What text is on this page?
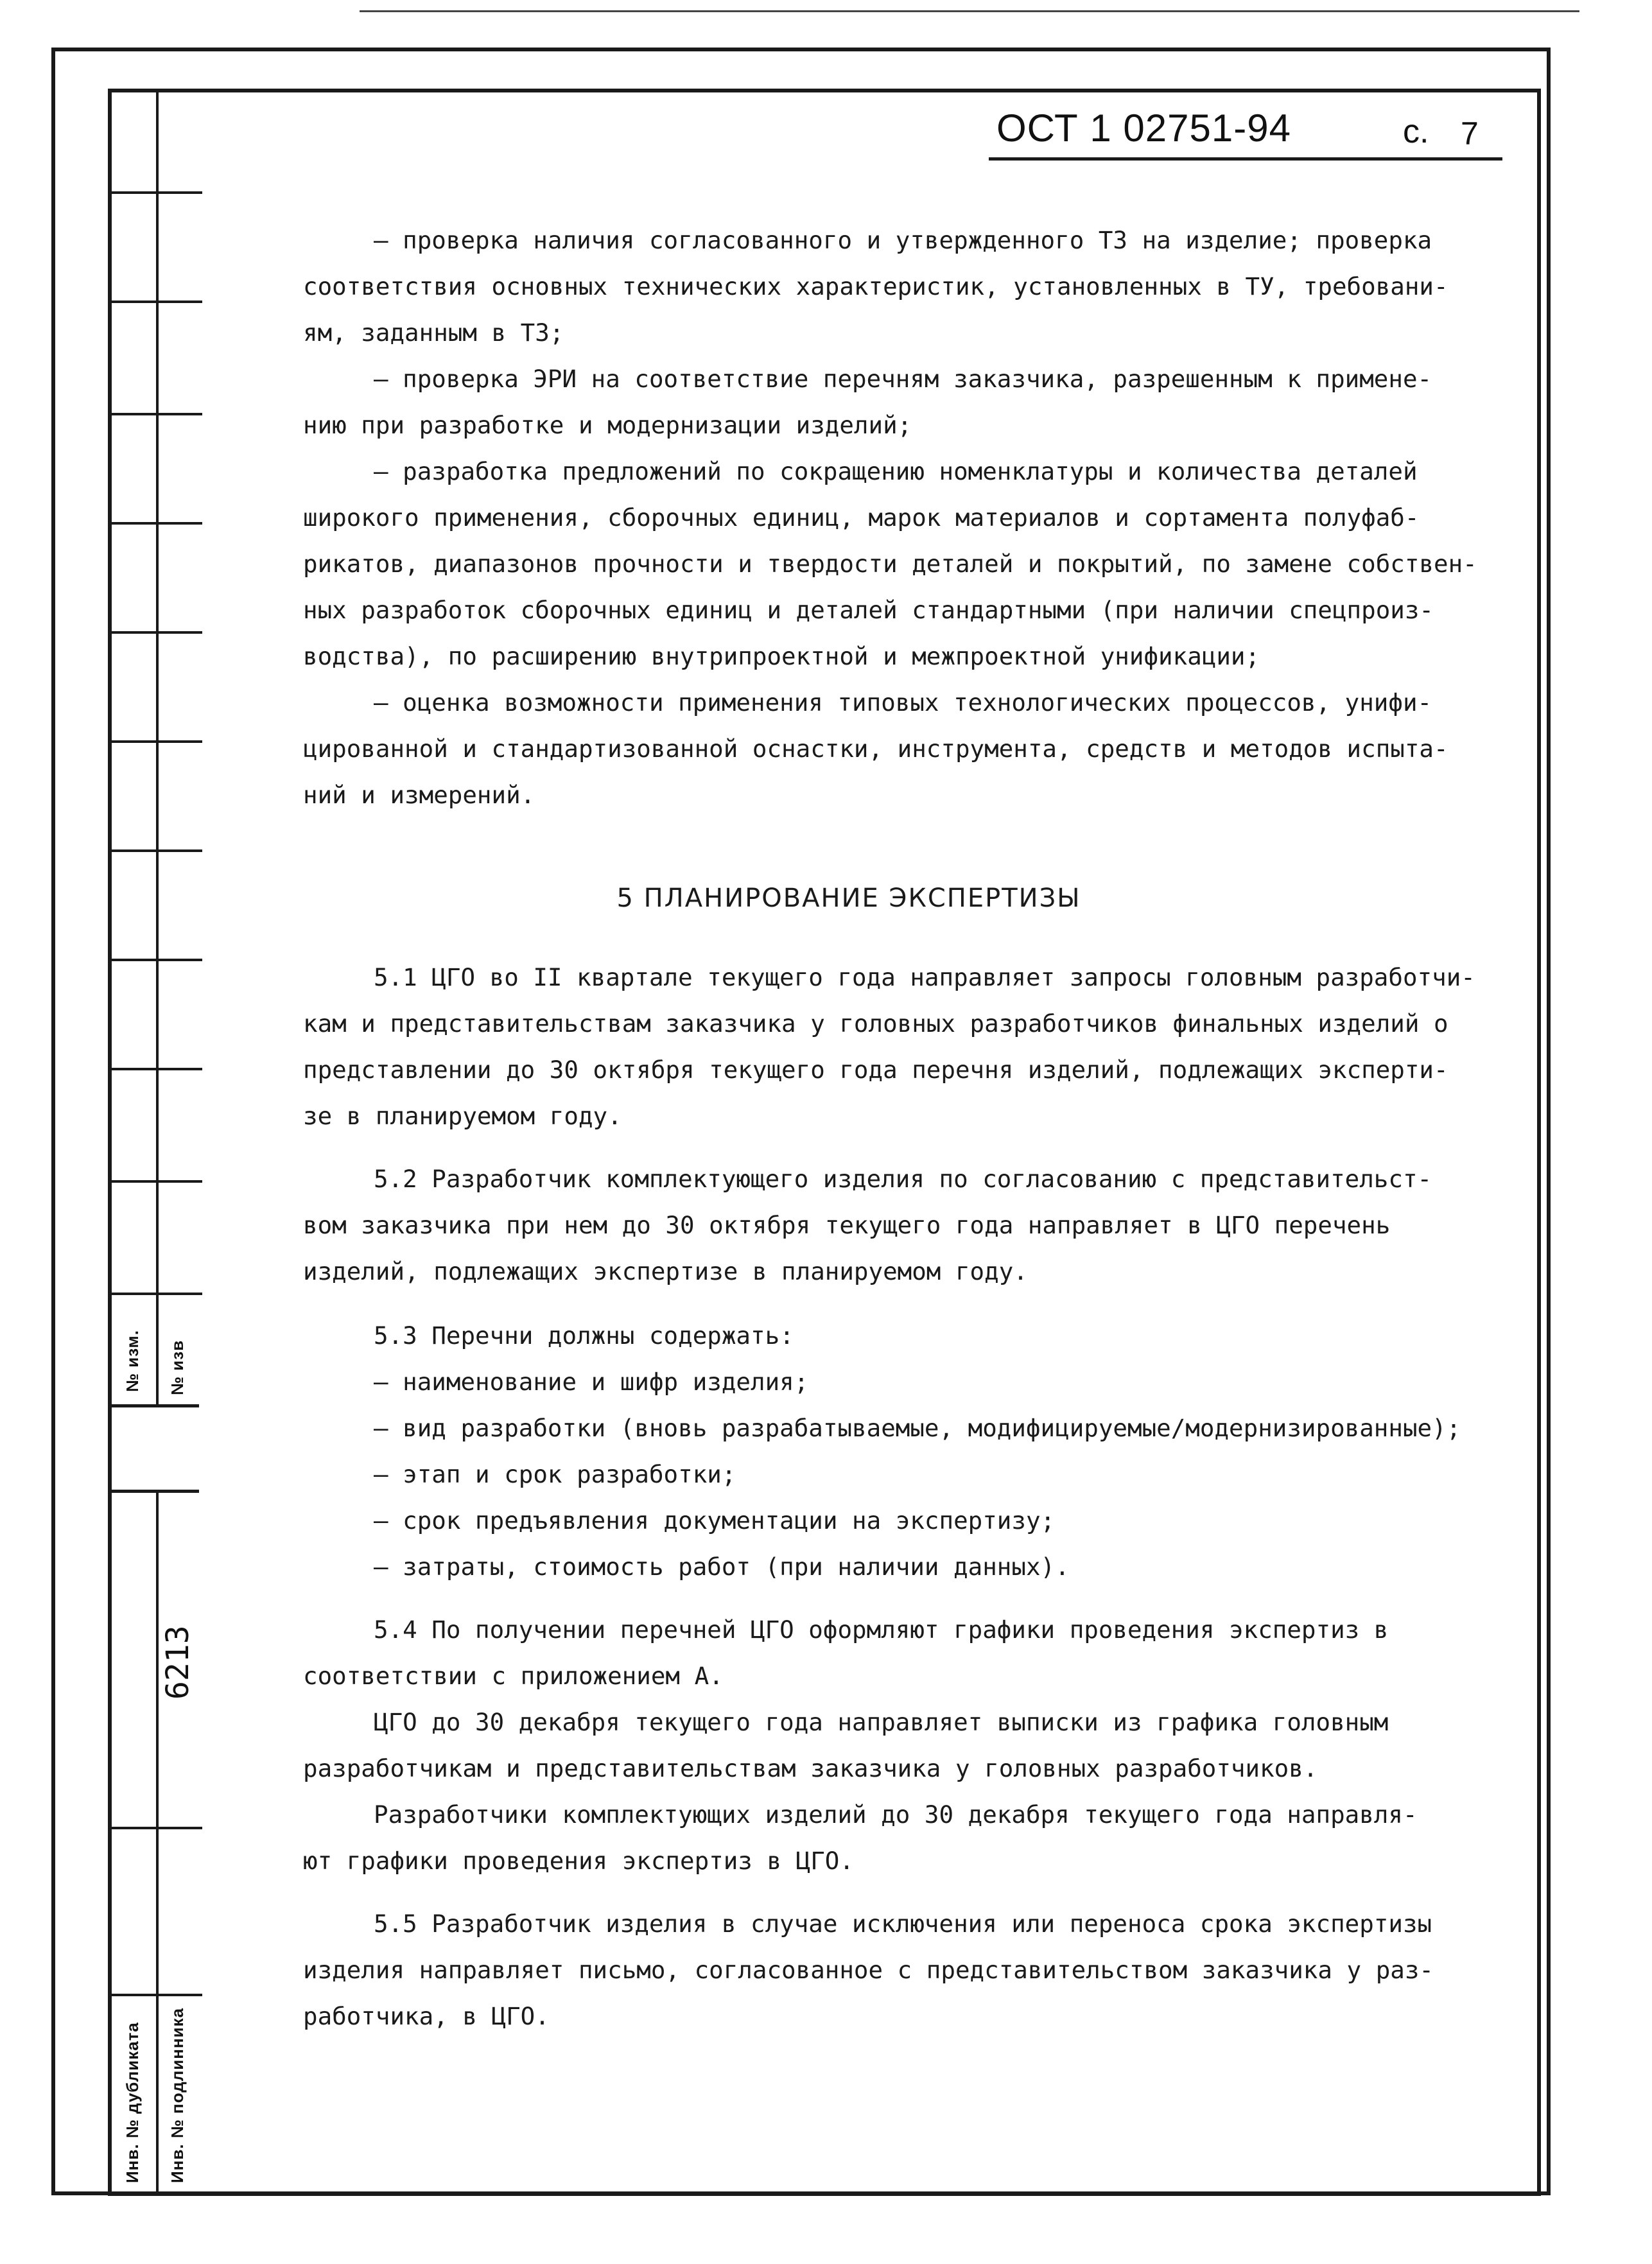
№ изм. № изв
6213
Инв. № дубликата Инв. № подлинника
ОСТ 1 02751-94	с. 7
– проверка наличия согласованного и утвержденного ТЗ на изделие; проверка
соответствия основных технических характеристик, установленных в ТУ, требовани-
ям, заданным в ТЗ;
– проверка ЭРИ на соответствие перечням заказчика, разрешенным к примене-
нию при разработке и модернизации изделий;
– разработка предложений по сокращению номенклатуры и количества деталей
широкого применения, сборочных единиц, марок материалов и сортамента полуфаб-
рикатов, диапазонов прочности и твердости деталей и покрытий, по замене собствен-
ных разработок сборочных единиц и деталей стандартными (при наличии спецпроиз-
водства), по расширению внутрипроектной и межпроектной унификации;
– оценка возможности применения типовых технологических процессов, унифи-
цированной и стандартизованной оснастки, инструмента, средств и методов испыта-
ний и измерений.
5 ПЛАНИРОВАНИЕ ЭКСПЕРТИЗЫ
5.1 ЦГО во II квартале текущего года направляет запросы головным разработчи-
кам и представительствам заказчика у головных разработчиков финальных изделий о
представлении до 30 октября текущего года перечня изделий, подлежащих эксперти-
зе в планируемом году.
5.2 Разработчик комплектующего изделия по согласованию с представительст-
вом заказчика при нем до 30 октября текущего года направляет в ЦГО перечень
изделий, подлежащих экспертизе в планируемом году.
5.3 Перечни должны содержать:
– наименование и шифр изделия;
– вид разработки (вновь разрабатываемые, модифицируемые/модернизированные);
– этап и срок разработки;
– срок предъявления документации на экспертизу;
– затраты, стоимость работ (при наличии данных).
5.4 По получении перечней ЦГО оформляют графики проведения экспертиз в
соответствии с приложением А.
ЦГО до 30 декабря текущего года направляет выписки из графика головным
разработчикам и представительствам заказчика у головных разработчиков.
Разработчики комплектующих изделий до 30 декабря текущего года направля-
ют графики проведения экспертиз в ЦГО.
5.5 Разработчик изделия в случае исключения или переноса срока экспертизы
изделия направляет письмо, согласованное с представительством заказчика у раз-
работчика, в ЦГО.
